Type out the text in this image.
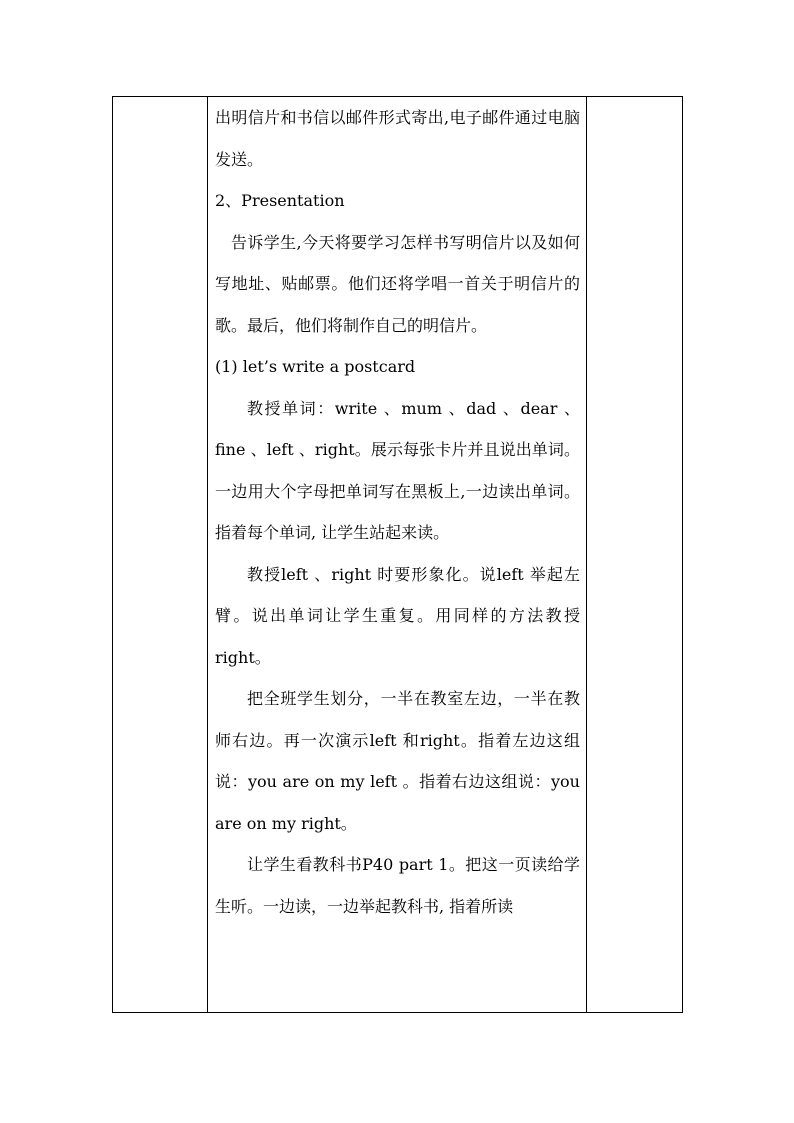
出明信片和书信以邮件形式寄出,电子邮件通过电脑发送。

2、Presentation

告诉学生,今天将要学习怎样书写明信片以及如何写地址、贴邮票。他们还将学唱一首关于明信片的歌。最后，他们将制作自己的明信片。

(1) let’s write a postcard

教授单词：write 、mum 、dad 、dear 、fine 、left 、right。展示每张卡片并且说出单词。一边用大个字母把单词写在黑板上,一边读出单词。指着每个单词, 让学生站起来读。

教授left 、right 时要形象化。说left 举起左臂。说出单词让学生重复。用同样的方法教授right。

把全班学生划分，一半在教室左边，一半在教师右边。再一次演示left 和right。指着左边这组说：you are on my left 。指着右边这组说：you are on my right。

让学生看教科书P40 part 1。把这一页读给学生听。一边读，一边举起教科书, 指着所读
